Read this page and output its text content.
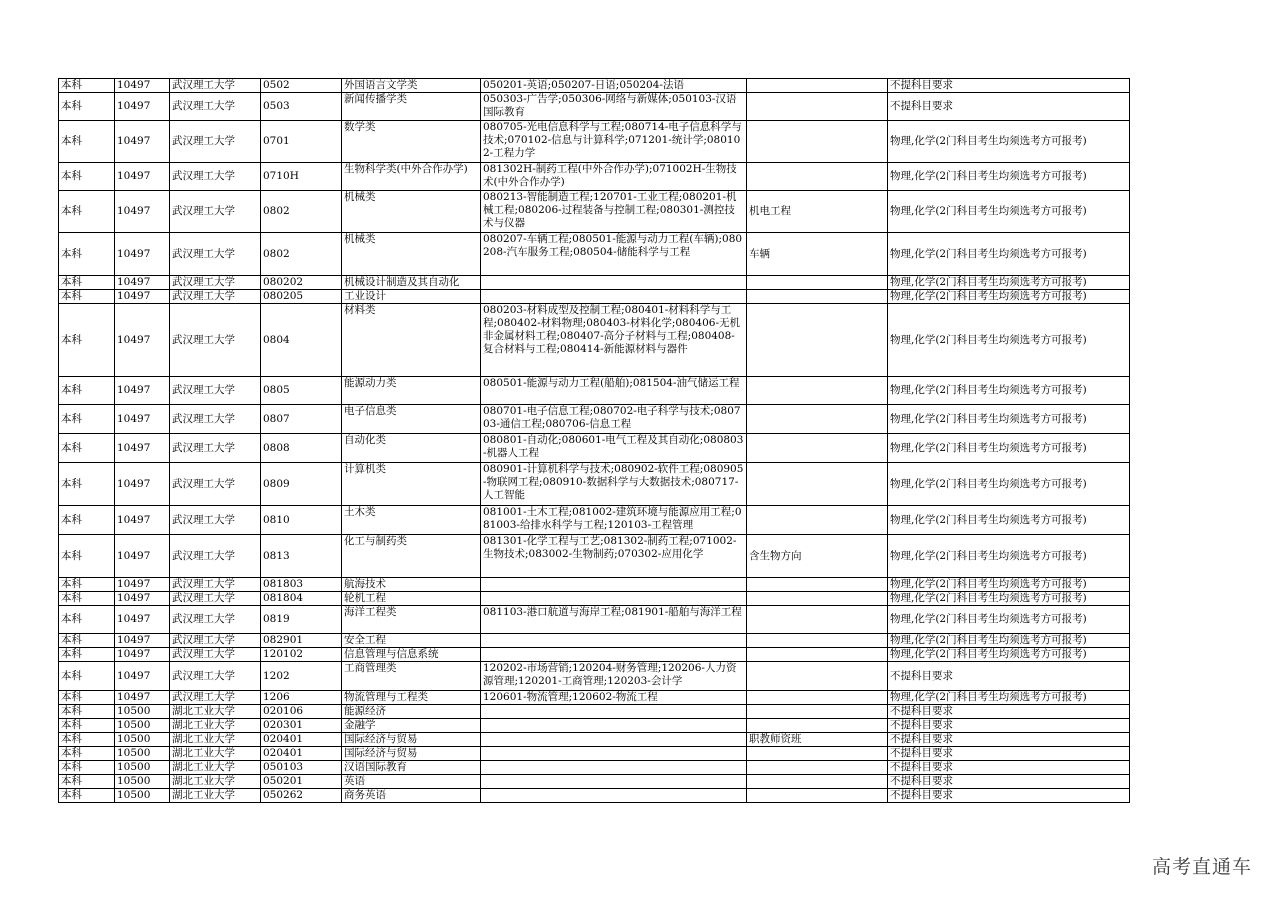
本科	10497	武汉理工大学	0502	外国语言文学类	050201-英语;050207-日语;050204-法语		不提科目要求
本科	10497	武汉理工大学	0503	新闻传播学类	050303-广告学;050306-网络与新媒体;050103-汉语国际教育		不提科目要求
本科	10497	武汉理工大学	0701	数学类	080705-光电信息科学与工程;080714-电子信息科学与技术;070102-信息与计算科学;071201-统计学;080102-工程力学		物理,化学(2门科目考生均须选考方可报考)
本科	10497	武汉理工大学	0710H	生物科学类(中外合作办学)	081302H-制药工程(中外合作办学);071002H-生物技术(中外合作办学)		物理,化学(2门科目考生均须选考方可报考)
本科	10497	武汉理工大学	0802	机械类	080213-智能制造工程;120701-工业工程;080201-机械工程;080206-过程装备与控制工程;080301-测控技术与仪器	机电工程	物理,化学(2门科目考生均须选考方可报考)
本科	10497	武汉理工大学	0802	机械类	080207-车辆工程;080501-能源与动力工程(车辆);080208-汽车服务工程;080504-储能科学与工程	车辆	物理,化学(2门科目考生均须选考方可报考)
本科	10497	武汉理工大学	080202	机械设计制造及其自动化			物理,化学(2门科目考生均须选考方可报考)
本科	10497	武汉理工大学	080205	工业设计			物理,化学(2门科目考生均须选考方可报考)
本科	10497	武汉理工大学	0804	材料类	080203-材料成型及控制工程;080401-材料科学与工程;080402-材料物理;080403-材料化学;080406-无机非金属材料工程;080407-高分子材料与工程;080408-复合材料与工程;080414-新能源材料与器件		物理,化学(2门科目考生均须选考方可报考)
本科	10497	武汉理工大学	0805	能源动力类	080501-能源与动力工程(船舶);081504-油气储运工程		物理,化学(2门科目考生均须选考方可报考)
本科	10497	武汉理工大学	0807	电子信息类	080701-电子信息工程;080702-电子科学与技术;080703-通信工程;080706-信息工程		物理,化学(2门科目考生均须选考方可报考)
本科	10497	武汉理工大学	0808	自动化类	080801-自动化;080601-电气工程及其自动化;080803-机器人工程		物理,化学(2门科目考生均须选考方可报考)
本科	10497	武汉理工大学	0809	计算机类	080901-计算机科学与技术;080902-软件工程;080905-物联网工程;080910-数据科学与大数据技术;080717-人工智能		物理,化学(2门科目考生均须选考方可报考)
本科	10497	武汉理工大学	0810	土木类	081001-土木工程;081002-建筑环境与能源应用工程;081003-给排水科学与工程;120103-工程管理		物理,化学(2门科目考生均须选考方可报考)
本科	10497	武汉理工大学	0813	化工与制药类	081301-化学工程与工艺;081302-制药工程;071002-生物技术;083002-生物制药;070302-应用化学	含生物方向	物理,化学(2门科目考生均须选考方可报考)
本科	10497	武汉理工大学	081803	航海技术			物理,化学(2门科目考生均须选考方可报考)
本科	10497	武汉理工大学	081804	轮机工程			物理,化学(2门科目考生均须选考方可报考)
本科	10497	武汉理工大学	0819	海洋工程类	081103-港口航道与海岸工程;081901-船舶与海洋工程		物理,化学(2门科目考生均须选考方可报考)
本科	10497	武汉理工大学	082901	安全工程			物理,化学(2门科目考生均须选考方可报考)
本科	10497	武汉理工大学	120102	信息管理与信息系统			物理,化学(2门科目考生均须选考方可报考)
本科	10497	武汉理工大学	1202	工商管理类	120202-市场营销;120204-财务管理;120206-人力资源管理;120201-工商管理;120203-会计学		不提科目要求
本科	10497	武汉理工大学	1206	物流管理与工程类	120601-物流管理;120602-物流工程		物理,化学(2门科目考生均须选考方可报考)
本科	10500	湖北工业大学	020106	能源经济			不提科目要求
本科	10500	湖北工业大学	020301	金融学			不提科目要求
本科	10500	湖北工业大学	020401	国际经济与贸易		职教师资班	不提科目要求
本科	10500	湖北工业大学	020401	国际经济与贸易			不提科目要求
本科	10500	湖北工业大学	050103	汉语国际教育			不提科目要求
本科	10500	湖北工业大学	050201	英语			不提科目要求
本科	10500	湖北工业大学	050262	商务英语			不提科目要求
高考直通车
